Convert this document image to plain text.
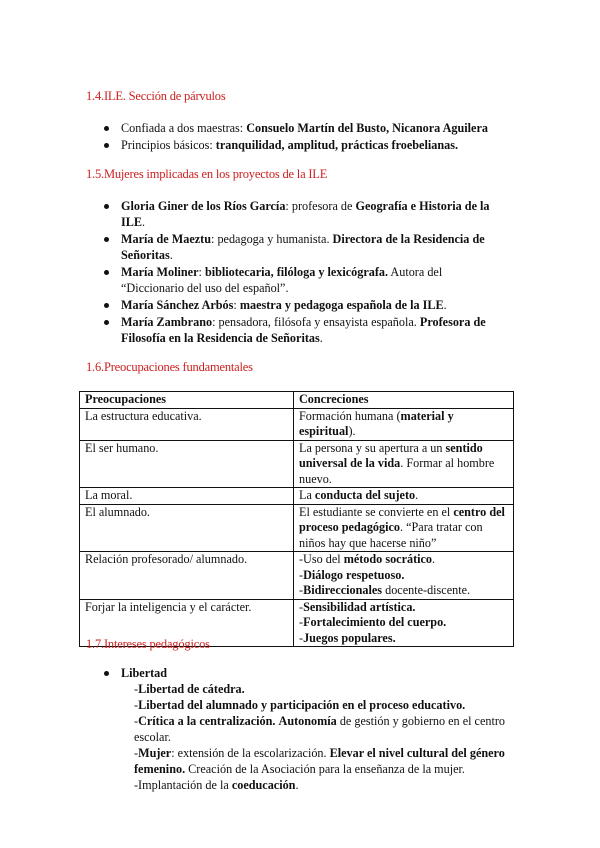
1.4.ILE. Sección de párvulos
Confiada a dos maestras: Consuelo Martín del Busto, Nicanora Aguilera
Principios básicos: tranquilidad, amplitud, prácticas froebelianas.
1.5.Mujeres implicadas en los proyectos de la ILE
Gloria Giner de los Ríos García: profesora de Geografía e Historia de la ILE.
María de Maeztu: pedagoga y humanista. Directora de la Residencia de Señoritas.
María Moliner: bibliotecaria, filóloga y lexicógrafa. Autora del “Diccionario del uso del español”.
María Sánchez Arbós: maestra y pedagoga española de la ILE.
María Zambrano: pensadora, filósofa y ensayista española. Profesora de Filosofía en la Residencia de Señoritas.
1.6.Preocupaciones fundamentales
Preocupaciones	Concreciones
La estructura educativa.	Formación humana (material y espiritual).
El ser humano.	La persona y su apertura a un sentido universal de la vida. Formar al hombre nuevo.
La moral.	La conducta del sujeto.
El alumnado.	El estudiante se convierte en el centro del proceso pedagógico. “Para tratar con niños hay que hacerse niño”
Relación profesorado/ alumnado.	-Uso del método socrático.
-Diálogo respetuoso.
-Bidireccionales docente-discente.
Forjar la inteligencia y el carácter.	-Sensibilidad artística.
-Fortalecimiento del cuerpo.
-Juegos populares.
1.7.Intereses pedagógicos
Libertad

-Libertad de cátedra.

-Libertad del alumnado y participación en el proceso educativo.

-Crítica a la centralización. Autonomía de gestión y gobierno en el centro escolar.

-Mujer: extensión de la escolarización. Elevar el nivel cultural del género femenino. Creación de la Asociación para la enseñanza de la mujer.

-Implantación de la coeducación.
